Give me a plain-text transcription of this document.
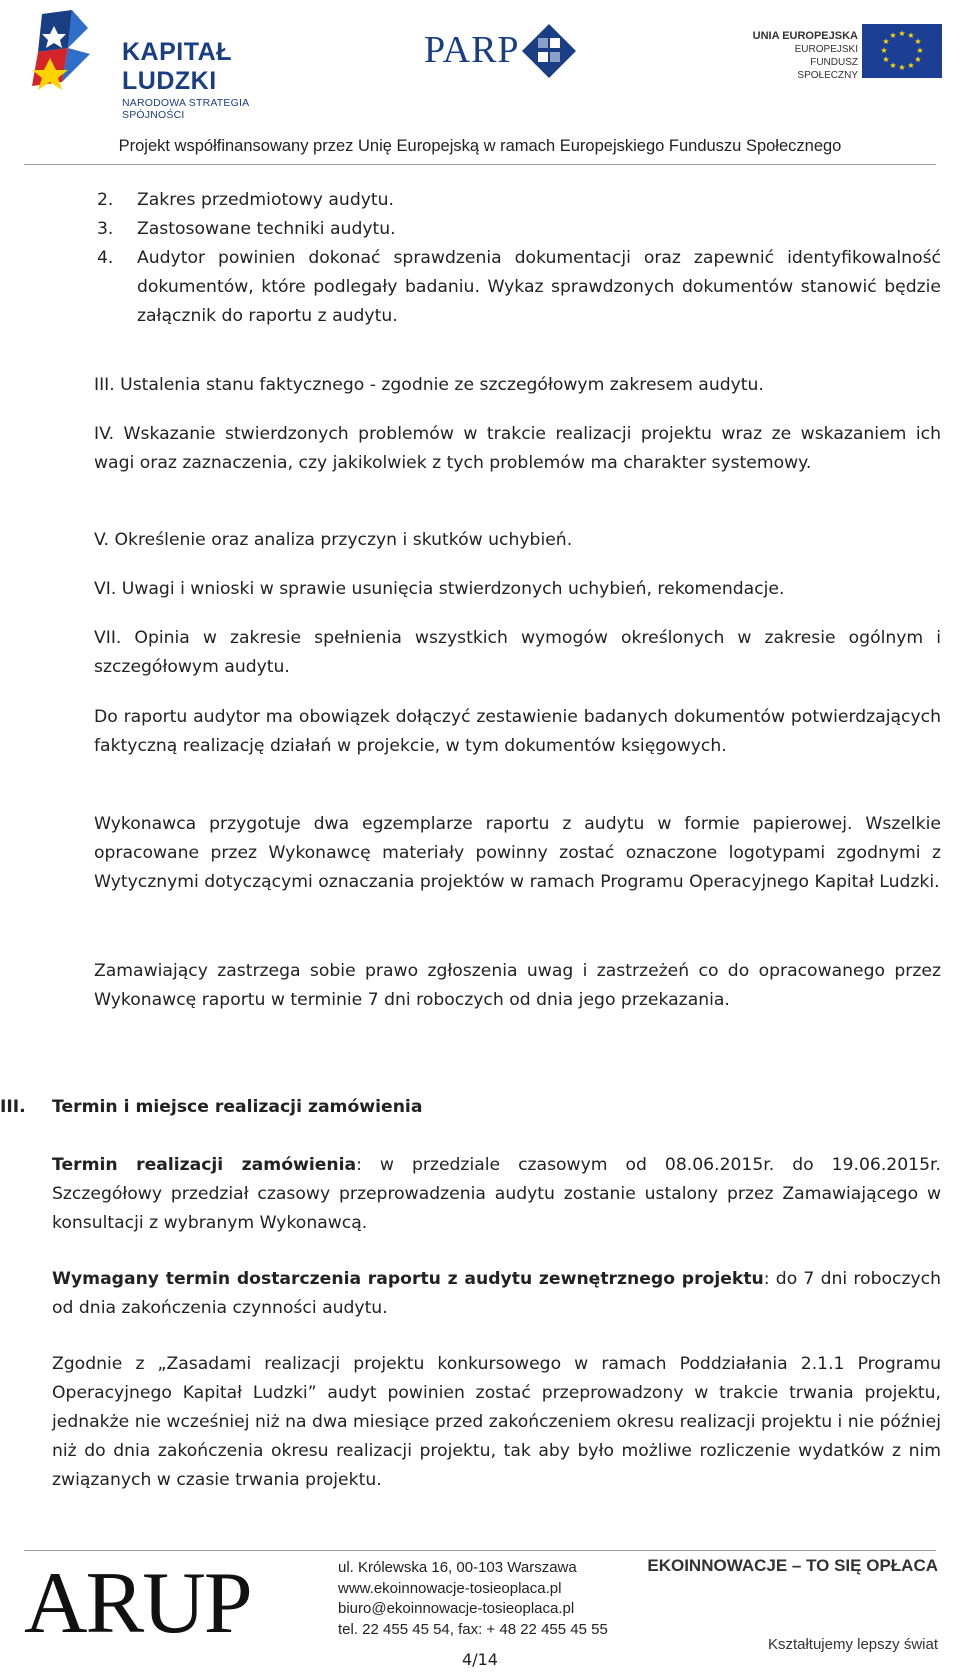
KAPITAŁ LUDZKI
NARODOWA STRATEGIA SPÓJNOŚCI
PARP	UNIA EUROPEJSKA
EUROPEJSKI
FUNDUSZ SPOŁECZNY
★ ★
★
★
★
★
★
★
★
★
★
★
Projekt współfinansowany przez Unię Europejską w ramach Europejskiego Funduszu Społecznego
2. Zakres przedmiotowy audytu.
3. Zastosowane techniki audytu.
4. Audytor powinien dokonać sprawdzenia dokumentacji oraz zapewnić identyfikowalność dokumentów, które podlegały badaniu. Wykaz sprawdzonych dokumentów stanowić będzie załącznik do raportu z audytu.
III. Ustalenia stanu faktycznego - zgodnie ze szczegółowym zakresem audytu.
IV. Wskazanie stwierdzonych problemów w trakcie realizacji projektu wraz ze wskazaniem ich wagi oraz zaznaczenia, czy jakikolwiek z tych problemów ma charakter systemowy.
V. Określenie oraz analiza przyczyn i skutków uchybień.
VI. Uwagi i wnioski w sprawie usunięcia stwierdzonych uchybień, rekomendacje.
VII. Opinia w zakresie spełnienia wszystkich wymogów określonych w zakresie ogólnym i szczegółowym audytu.
Do raportu audytor ma obowiązek dołączyć zestawienie badanych dokumentów potwierdzających faktyczną realizację działań w projekcie, w tym dokumentów księgowych.
Wykonawca przygotuje dwa egzemplarze raportu z audytu w formie papierowej. Wszelkie opracowane przez Wykonawcę materiały powinny zostać oznaczone logotypami zgodnymi z Wytycznymi dotyczącymi oznaczania projektów w ramach Programu Operacyjnego Kapitał Ludzki.
Zamawiający zastrzega sobie prawo zgłoszenia uwag i zastrzeżeń co do opracowanego przez Wykonawcę raportu w terminie 7 dni roboczych od dnia jego przekazania.
III. Termin i miejsce realizacji zamówienia
Termin realizacji zamówienia: w przedziale czasowym od 08.06.2015r. do 19.06.2015r. Szczegółowy przedział czasowy przeprowadzenia audytu zostanie ustalony przez Zamawiającego w konsultacji z wybranym Wykonawcą.
Wymagany termin dostarczenia raportu z audytu zewnętrznego projektu: do 7 dni roboczych od dnia zakończenia czynności audytu.
Zgodnie z „Zasadami realizacji projektu konkursowego w ramach Poddziałania 2.1.1 Programu Operacyjnego Kapitał Ludzki” audyt powinien zostać przeprowadzony w trakcie trwania projektu, jednakże nie wcześniej niż na dwa miesiące przed zakończeniem okresu realizacji projektu i nie później niż do dnia zakończenia okresu realizacji projektu, tak aby było możliwe rozliczenie wydatków z nim związanych w czasie trwania projektu.
ARUP	ul. Królewska 16, 00-103 Warszawa
www.ekoinnowacje-tosieoplaca.pl
biuro@ekoinnowacje-tosieoplaca.pl
tel. 22 455 45 54, fax: + 48 22 455 45 55
EKOINNOWACJE – TO SIĘ OPŁACA
Kształtujemy lepszy świat
4/14
